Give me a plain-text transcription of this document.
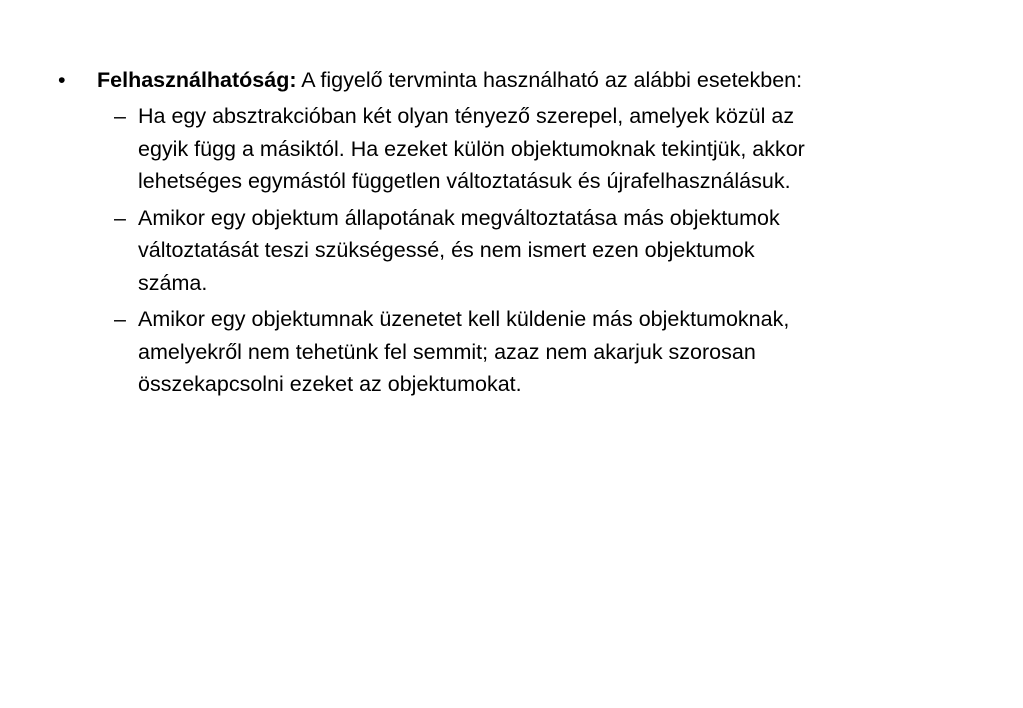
•	Felhasználhatóság: A figyelő tervminta használható az alábbi esetekben:
– Ha egy absztrakcióban két olyan tényező szerepel, amelyek közül az
egyik függ a másiktól. Ha ezeket külön objektumoknak tekintjük, akkor
lehetséges egymástól független változtatásuk és újrafelhasználásuk.
– Amikor egy objektum állapotának megváltoztatása más objektumok
változtatását teszi szükségessé, és nem ismert ezen objektumok
száma.
– Amikor egy objektumnak üzenetet kell küldenie más objektumoknak,
amelyekről nem tehetünk fel semmit; azaz nem akarjuk szorosan
összekapcsolni ezeket az objektumokat.
